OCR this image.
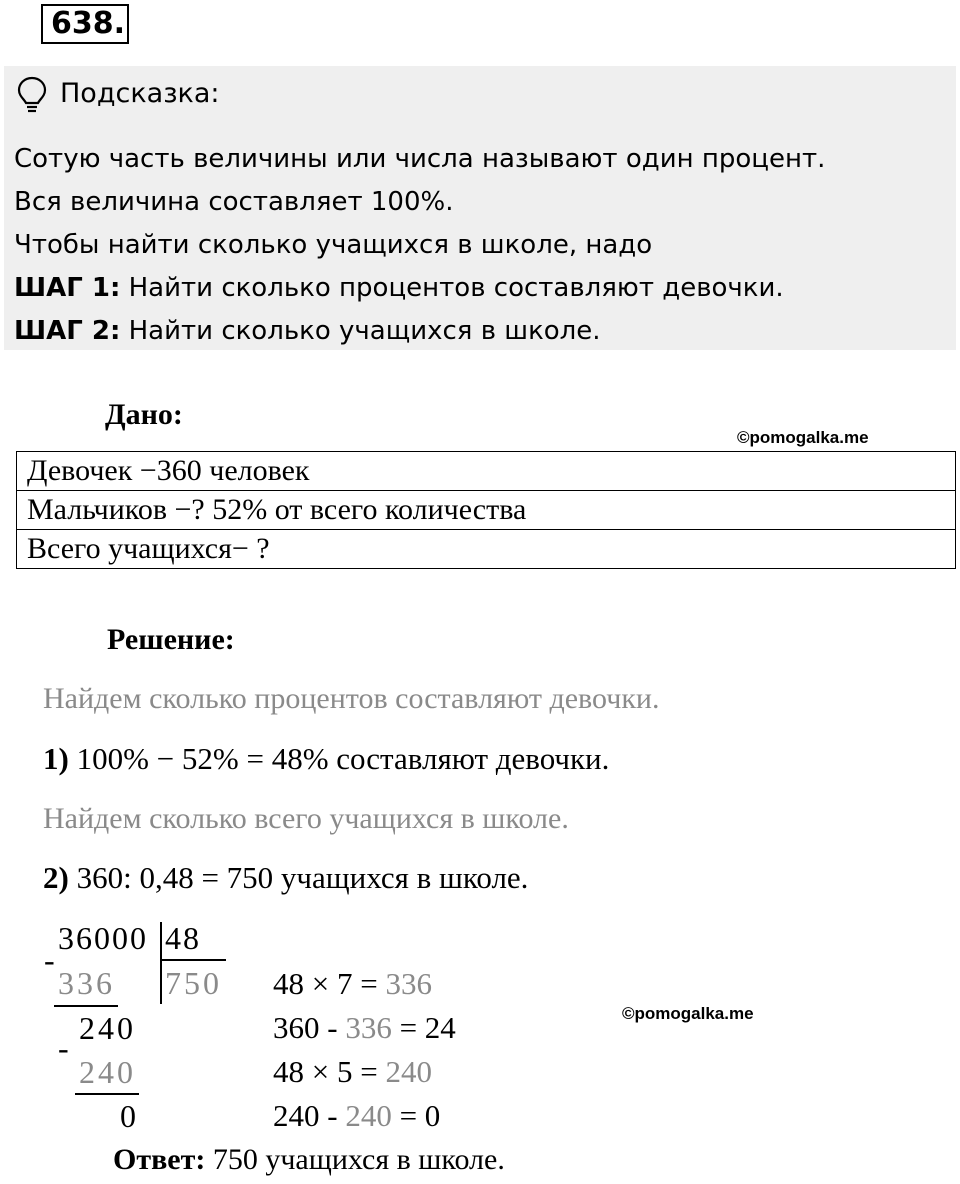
638.
Подсказка:
Сотую часть величины или числа называют один процент.
Вся величина составляет 100%.
Чтобы найти сколько учащихся в школе, надо
ШАГ 1: Найти сколько процентов составляют девочки.
ШАГ 2: Найти сколько учащихся в школе.
Дано:
©pomogalka.me
Девочек −360 человек
Мальчиков −? 52% от всего количества
Всего учащихся− ?
Решение:
Найдем сколько процентов составляют девочки.
1) 100% − 52% = 48% составляют девочки.
Найдем сколько всего учащихся в школе.
2) 360: 0,48 = 750 учащихся в школе.
36000 48
-
336 750
240
-
240
0
48 × 7 = 336
360 - 336 = 24
48 × 5 = 240
240 - 240 = 0
©pomogalka.me
Ответ: 750 учащихся в школе.
